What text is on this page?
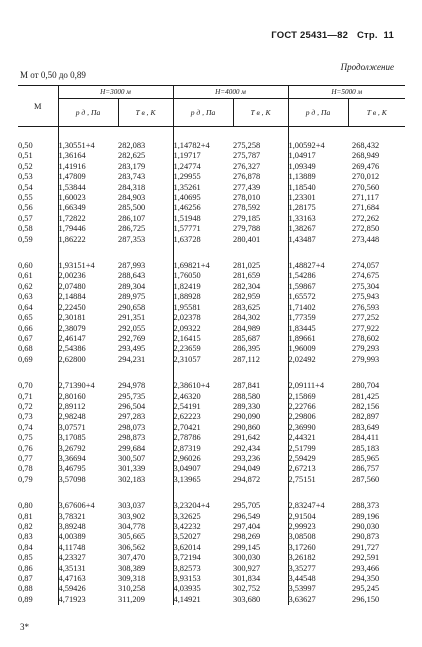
ГОСТ 25431—82 Стр. 11
Продолжение
М от 0,50 до 0,89
М	H=3000 м		H=4000 м		H=5000 м	
	p д , Па	T в , К	p д , Па	T в , К	p д , Па	T в , К

0,50	1,30551+4	282,083	1,14782+4	275,258	1,00592+4	268,432
0,51	1,36164	282,625	1,19717	275,787	1,04917	268,949
0,52	1,41916	283,179	1,24774	276,327	1,09349	269,476
0,53	1,47809	283,743	1,29955	276,878	1,13889	270,012
0,54	1,53844	284,318	1,35261	277,439	1,18540	270,560
0,55	1,60023	284,903	1,40695	278,010	1,23301	271,117
0,56	1,66349	285,500	1,46256	278,592	1,28175	271,684
0,57	1,72822	286,107	1,51948	279,185	1,33163	272,262
0,58	1,79446	286,725	1,57771	279,788	1,38267	272,850
0,59	1,86222	287,353	1,63728	280,401	1,43487	273,448

0,60	1,93151+4	287,993	1,69821+4	281,025	1,48827+4	274,057
0,61	2,00236	288,643	1,76050	281,659	1,54286	274,675
0,62	2,07480	289,304	1,82419	282,304	1,59867	275,304
0,63	2,14884	289,975	1,88928	282,959	1,65572	275,943
0,64	2,22450	290,658	1,95581	283,625	1,71402	276,593
0,65	2,30181	291,351	2,02378	284,302	1,77359	277,252
0,66	2,38079	292,055	2,09322	284,989	1,83445	277,922
0,67	2,46147	292,769	2,16415	285,687	1,89661	278,602
0,68	2,54386	293,495	2,23659	286,395	1,96009	279,293
0,69	2,62800	294,231	2,31057	287,112	2,02492	279,993

0,70	2,71390+4	294,978	2,38610+4	287,841	2,09111+4	280,704
0,71	2,80160	295,735	2,46320	288,580	2,15869	281,425
0,72	2,89112	296,504	2,54191	289,330	2,22766	282,156
0,73	2,98248	297,283	2,62223	290,090	2,29806	282,897
0,74	3,07571	298,073	2,70421	290,860	2,36990	283,649
0,75	3,17085	298,873	2,78786	291,642	2,44321	284,411
0,76	3,26792	299,684	2,87319	292,434	2,51799	285,183
0,77	3,36694	300,507	2,96026	293,236	2,59429	285,965
0,78	3,46795	301,339	3,04907	294,049	2,67213	286,757
0,79	3,57098	302,183	3,13965	294,872	2,75151	287,560

0,80	3,67606+4	303,037	3,23204+4	295,705	2,83247+4	288,373
0,81	3,78321	303,902	3,32625	296,549	2,91504	289,196
0,82	3,89248	304,778	3,42232	297,404	2,99923	290,030
0,83	4,00389	305,665	3,52027	298,269	3,08508	290,873
0,84	4,11748	306,562	3,62014	299,145	3,17260	291,727
0,85	4,23327	307,470	3,72194	300,030	3,26182	292,591
0,86	4,35131	308,389	3,82573	300,927	3,35277	293,466
0,87	4,47163	309,318	3,93153	301,834	3,44548	294,350
0,88	4,59426	310,258	4,03935	302,752	3,53997	295,245
0,89	4,71923	311,209	4,14921	303,680	3,63627	296,150
3*
